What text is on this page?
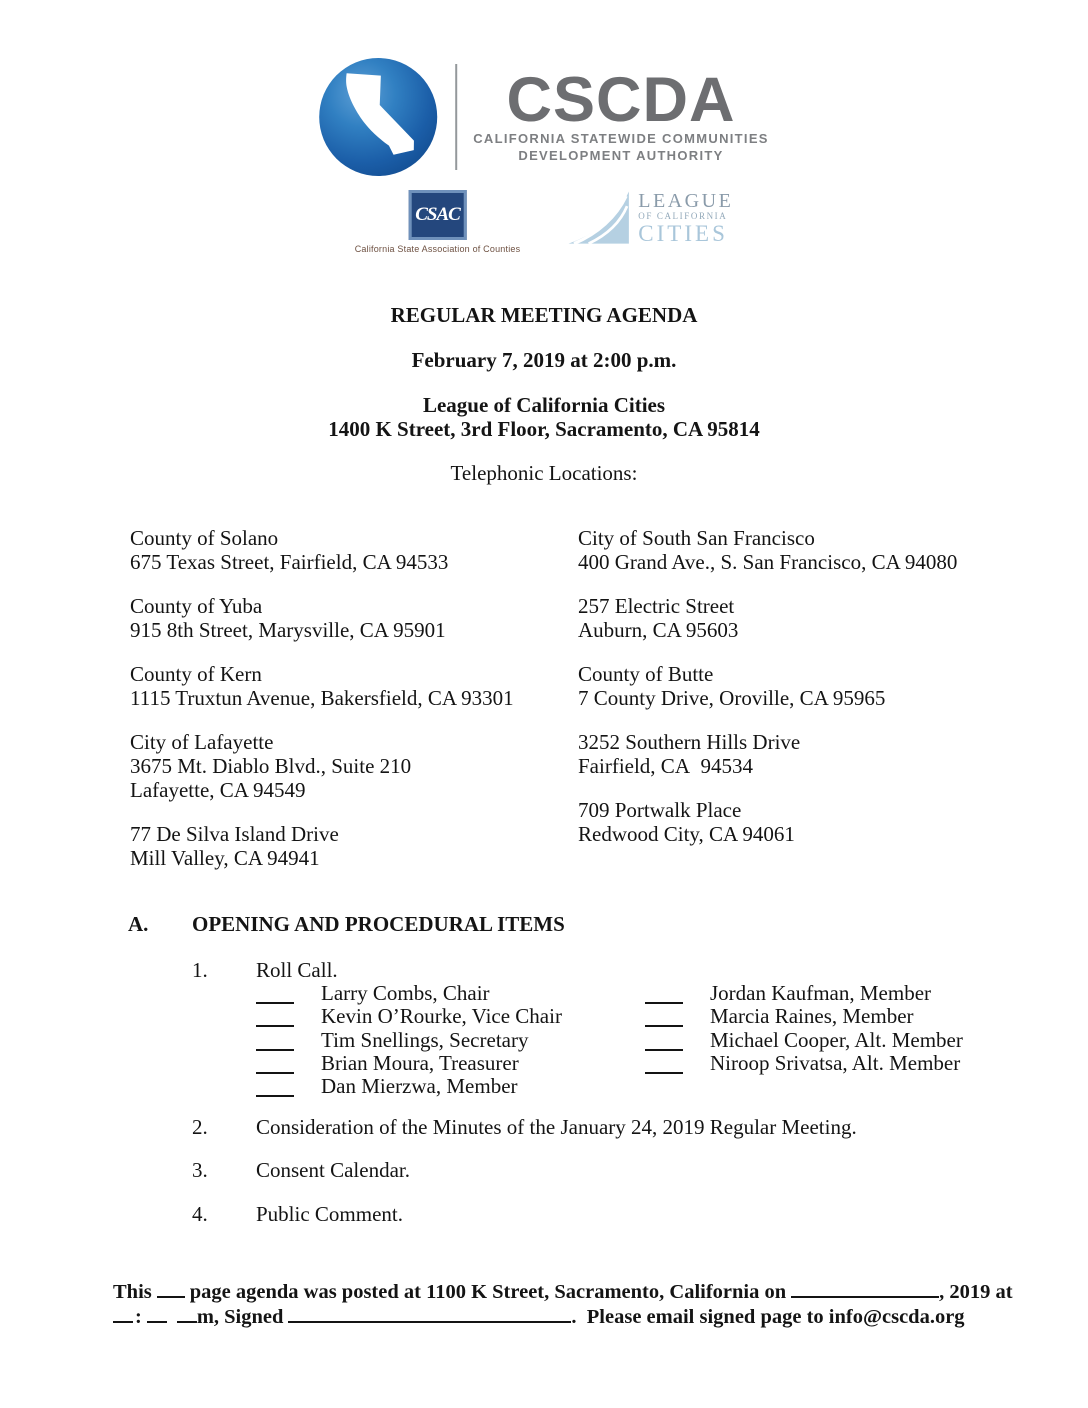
CSCDA
CALIFORNIA STATEWIDE COMMUNITIES
DEVELOPMENT AUTHORITY
CSAC
California State Association of Counties
LEAGUE
OF CALIFORNIA
CITIES
REGULAR MEETING AGENDA
February 7, 2019 at 2:00 p.m.
League of California Cities
1400 K Street, 3rd Floor, Sacramento, CA 95814
Telephonic Locations:
County of Solano
675 Texas Street, Fairfield, CA 94533
County of Yuba
915 8th Street, Marysville, CA 95901
County of Kern
1115 Truxtun Avenue, Bakersfield, CA 93301
City of Lafayette
3675 Mt. Diablo Blvd., Suite 210
Lafayette, CA 94549
77 De Silva Island Drive
Mill Valley, CA 94941
City of South San Francisco
400 Grand Ave., S. San Francisco, CA 94080
257 Electric Street
Auburn, CA 95603
County of Butte
7 County Drive, Oroville, CA 95965
3252 Southern Hills Drive
Fairfield, CA  94534
709 Portwalk Place
Redwood City, CA 94061
A.	OPENING AND PROCEDURAL ITEMS
1.	Roll Call.
Larry Combs, Chair
Kevin O’Rourke, Vice Chair
Tim Snellings, Secretary
Brian Moura, Treasurer
Dan Mierzwa, Member
Jordan Kaufman, Member
Marcia Raines, Member
Michael Cooper, Alt. Member
Niroop Srivatsa, Alt. Member
2.	Consideration of the Minutes of the January 24, 2019 Regular Meeting.
3.	Consent Calendar.
4.	Public Comment.
This page agenda was posted at 1100 K Street, Sacramento, California on	, 2019 at
:	m, Signed	. Please email signed page to info@cscda.org
